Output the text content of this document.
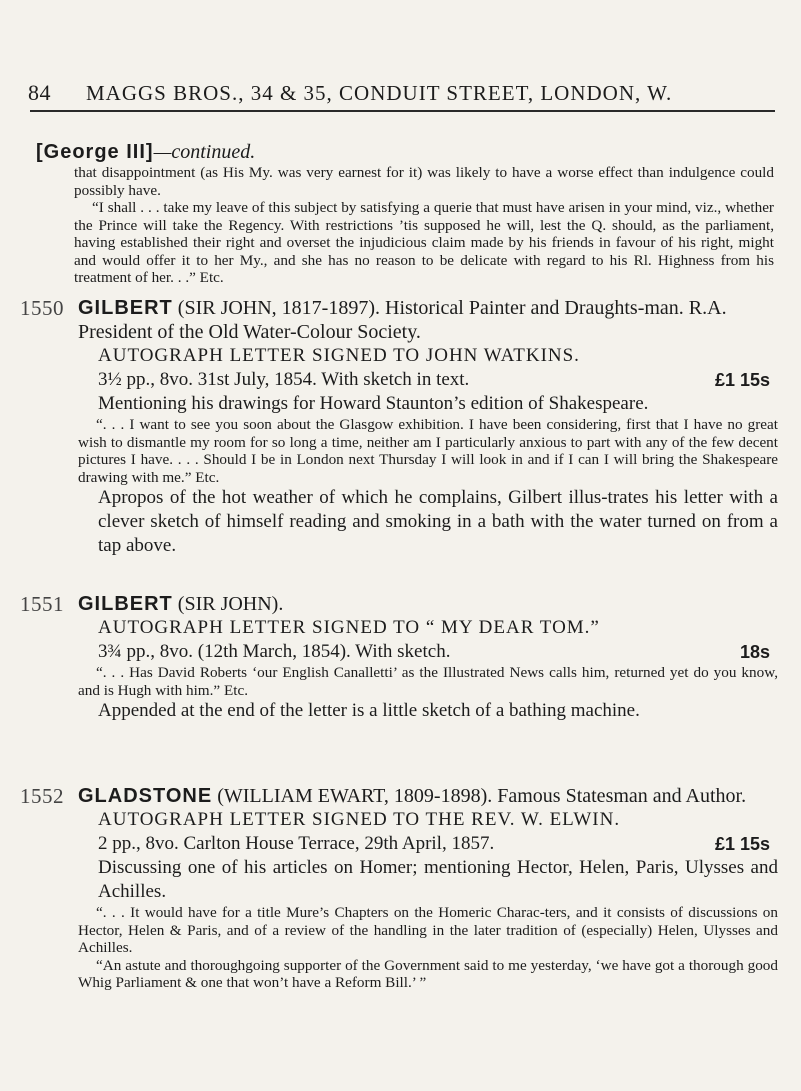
84 MAGGS BROS., 34 & 35, CONDUIT STREET, LONDON, W.
[George III]—continued.

that disappointment (as His My. was very earnest for it) was likely to have a worse effect than indulgence could possibly have.

“I shall . . . take my leave of this subject by satisfying a querie that must have arisen in your mind, viz., whether the Prince will take the Regency. With restrictions ’tis supposed he will, lest the Q. should, as the parliament, having established their right and overset the injudicious claim made by his friends in favour of his right, might and would offer it to her My., and she has no reason to be delicate with regard to his Rl. Highness from his treatment of her. . .” Etc.

1550 GILBERT (SIR JOHN, 1817-1897). Historical Painter and Draughts-man. R.A. President of the Old Water-Colour Society.

AUTOGRAPH LETTER SIGNED TO JOHN WATKINS.

3½ pp., 8vo. 31st July, 1854. With sketch in text.	£1 15s

Mentioning his drawings for Howard Staunton’s edition of Shakespeare.

“. . . I want to see you soon about the Glasgow exhibition. I have been considering, first that I have no great wish to dismantle my room for so long a time, neither am I particularly anxious to part with any of the few decent pictures I have. . . . Should I be in London next Thursday I will look in and if I can I will bring the Shakespeare drawing with me.” Etc.

Apropos of the hot weather of which he complains, Gilbert illus-trates his letter with a clever sketch of himself reading and smoking in a bath with the water turned on from a tap above.

1551 GILBERT (SIR JOHN).

AUTOGRAPH LETTER SIGNED TO “ MY DEAR TOM.”

3¾ pp., 8vo. (12th March, 1854). With sketch.	18s

“. . . Has David Roberts ‘our English Canalletti’ as the Illustrated News calls him, returned yet do you know, and is Hugh with him.” Etc.

Appended at the end of the letter is a little sketch of a bathing machine.

1552 GLADSTONE (WILLIAM EWART, 1809-1898). Famous Statesman and Author.

AUTOGRAPH LETTER SIGNED TO THE REV. W. ELWIN.

2 pp., 8vo. Carlton House Terrace, 29th April, 1857.	£1 15s

Discussing one of his articles on Homer; mentioning Hector, Helen, Paris, Ulysses and Achilles.

“. . . It would have for a title Mure’s Chapters on the Homeric Charac-ters, and it consists of discussions on Hector, Helen & Paris, and of a review of the handling in the later tradition of (especially) Helen, Ulysses and Achilles.

“An astute and thoroughgoing supporter of the Government said to me yesterday, ‘we have got a thorough good Whig Parliament & one that won’t have a Reform Bill.’ ”
